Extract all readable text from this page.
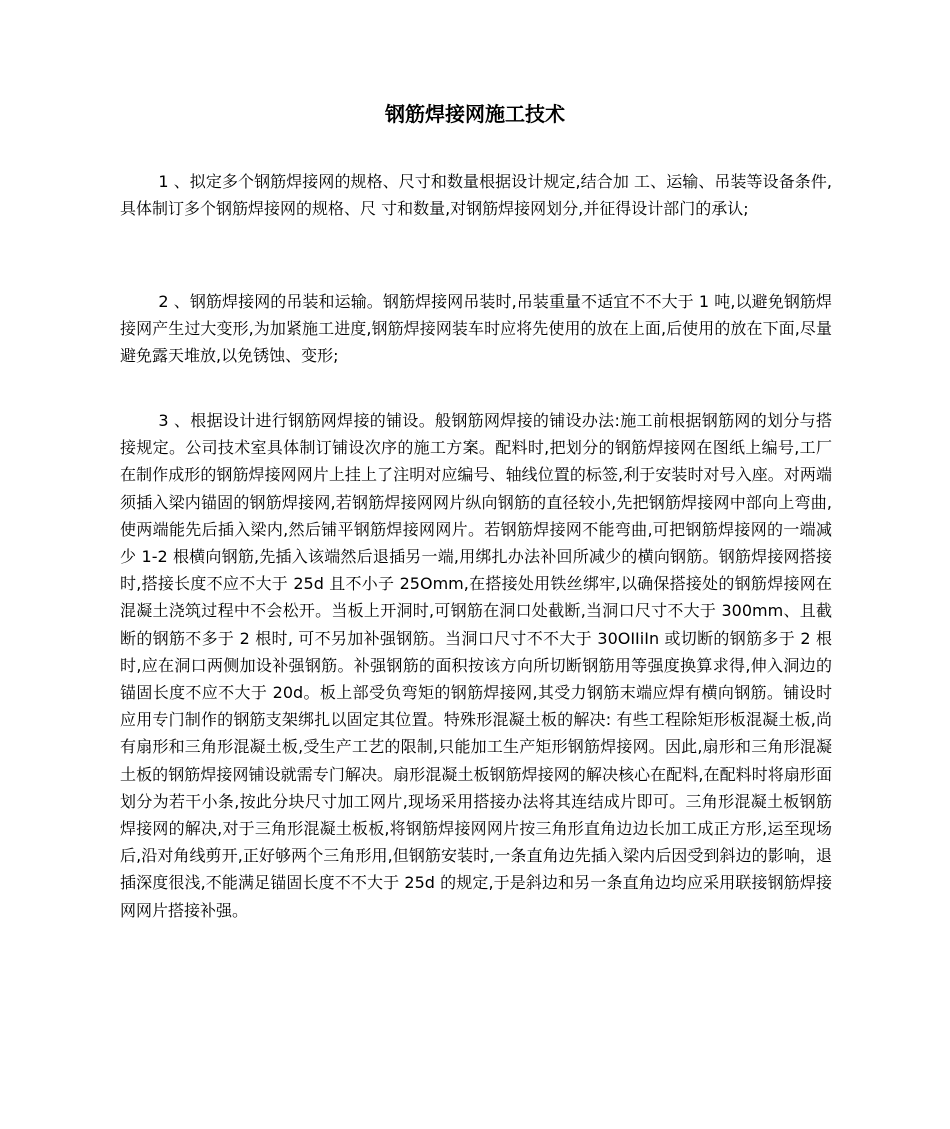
钢筋焊接网施工技术

1 、拟定多个钢筋焊接网的规格、尺寸和数量根据设计规定,结合加 工、运输、吊装等设备条件,具体制订多个钢筋焊接网的规格、尺 寸和数量,对钢筋焊接网划分,并征得设计部门的承认;

2 、钢筋焊接网的吊装和运输。钢筋焊接网吊装时,吊装重量不适宜不不大于 1 吨,以避免钢筋焊接网产生过大变形,为加紧施工进度,钢筋焊接网装车时应将先使用的放在上面,后使用的放在下面,尽量避免露天堆放,以免锈蚀、变形;

3 、根据设计进行钢筋网焊接的铺设。般钢筋网焊接的铺设办法:施工前根据钢筋网的划分与搭接规定。公司技术室具体制订铺设次序的施工方案。配料时,把划分的钢筋焊接网在图纸上编号,工厂在制作成形的钢筋焊接网网片上挂上了注明对应编号、轴线位置的标签,利于安装时对号入座。对两端须插入梁内锚固的钢筋焊接网,若钢筋焊接网网片纵向钢筋的直径较小,先把钢筋焊接网中部向上弯曲,使两端能先后插入梁内,然后铺平钢筋焊接网网片。若钢筋焊接网不能弯曲,可把钢筋焊接网的一端减少 1-2 根横向钢筋,先插入该端然后退插另一端,用绑扎办法补回所减少的横向钢筋。钢筋焊接网搭接时,搭接长度不应不大于 25d 且不小子 25Omm,在搭接处用铁丝绑牢,以确保搭接处的钢筋焊接网在混凝土浇筑过程中不会松开。当板上开洞时,可钢筋在洞口处截断,当洞口尺寸不大于 300mm、且截断的钢筋不多于 2 根时, 可不另加补强钢筋。当洞口尺寸不不大于 30OIIiIn 或切断的钢筋多于 2 根时,应在洞口两侧加设补强钢筋。补强钢筋的面积按该方向所切断钢筋用等强度换算求得,伸入洞边的锚固长度不应不大于 20d。板上部受负弯矩的钢筋焊接网,其受力钢筋末端应焊有横向钢筋。铺设时应用专门制作的钢筋支架绑扎以固定其位置。特殊形混凝土板的解决: 有些工程除矩形板混凝土板,尚有扇形和三角形混凝土板,受生产工艺的限制,只能加工生产矩形钢筋焊接网。因此,扇形和三角形混凝土板的钢筋焊接网铺设就需专门解决。扇形混凝土板钢筋焊接网的解决核心在配料,在配料时将扇形面划分为若干小条,按此分块尺寸加工网片,现场采用搭接办法将其连结成片即可。三角形混凝土板钢筋焊接网的解决,对于三角形混凝土板板,将钢筋焊接网网片按三角形直角边边长加工成正方形,运至现场后,沿对角线剪开,正好够两个三角形用,但钢筋安装时,一条直角边先插入梁内后因受到斜边的影响，退插深度很浅,不能满足锚固长度不不大于 25d 的规定,于是斜边和另一条直角边均应采用联接钢筋焊接网网片搭接补强。
